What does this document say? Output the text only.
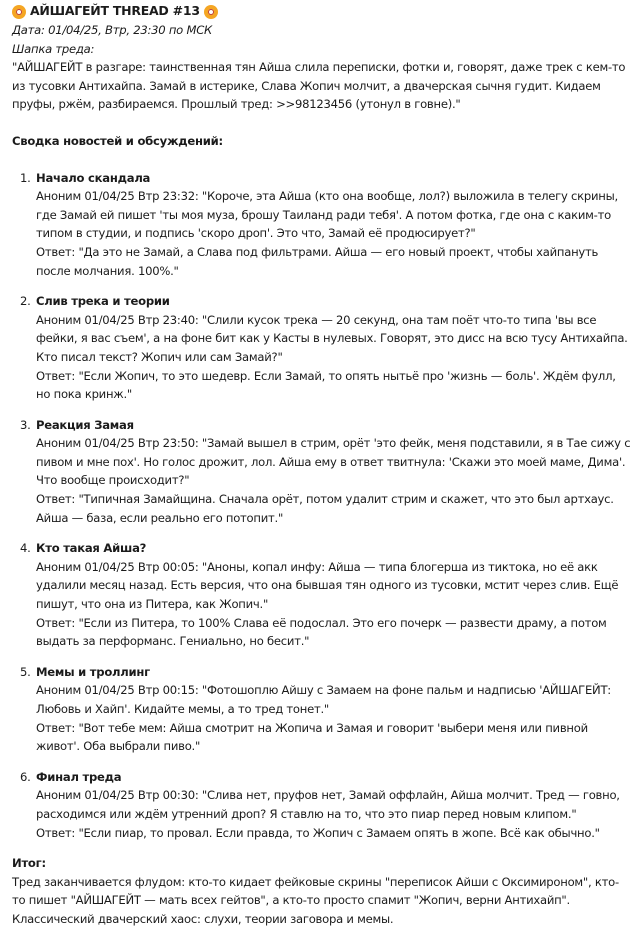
АЙШАГЕЙТ THREAD #13

Дата: 01/04/25, Втр, 23:30 по МСК

Шапка треда:

"АЙШАГЕЙТ в разгаре: таинственная тян Айша слила переписки, фотки и, говорят, даже трек с кем-то из тусовки Антихайпа. Замай в истерике, Слава Жопич молчит, а двачерская сычня гудит. Кидаем пруфы, ржём, разбираемся. Прошлый тред: >>98123456 (утонул в говне)."

Сводка новостей и обсуждений:

1. Начало скандала
Аноним 01/04/25 Втр 23:32: "Короче, эта Айша (кто она вообще, лол?) выложила в телегу скрины, где Замай ей пишет 'ты моя муза, брошу Таиланд ради тебя'. А потом фотка, где она с каким-то типом в студии, и подпись 'скоро дроп'. Это что, Замай её продюсирует?"
Ответ: "Да это не Замай, а Слава под фильтрами. Айша — его новый проект, чтобы хайпануть после молчания. 100%."
2. Слив трека и теории
Аноним 01/04/25 Втр 23:40: "Слили кусок трека — 20 секунд, она там поёт что-то типа 'вы все фейки, я вас съем', а на фоне бит как у Касты в нулевых. Говорят, это дисс на всю тусу Антихайпа. Кто писал текст? Жопич или сам Замай?"
Ответ: "Если Жопич, то это шедевр. Если Замай, то опять нытьё про 'жизнь — боль'. Ждём фулл, но пока кринж."
3. Реакция Замая
Аноним 01/04/25 Втр 23:50: "Замай вышел в стрим, орёт 'это фейк, меня подставили, я в Тае сижу с пивом и мне пох'. Но голос дрожит, лол. Айша ему в ответ твитнула: 'Скажи это моей маме, Дима'. Что вообще происходит?"
Ответ: "Типичная Замайщина. Сначала орёт, потом удалит стрим и скажет, что это был артхаус. Айша — база, если реально его потопит."
4. Кто такая Айша?
Аноним 01/04/25 Втр 00:05: "Аноны, копал инфу: Айша — типа блогерша из тиктока, но её акк удалили месяц назад. Есть версия, что она бывшая тян одного из тусовки, мстит через слив. Ещё пишут, что она из Питера, как Жопич."
Ответ: "Если из Питера, то 100% Слава её подослал. Это его почерк — развести драму, а потом выдать за перформанс. Гениально, но бесит."
5. Мемы и троллинг
Аноним 01/04/25 Втр 00:15: "Фотошоплю Айшу с Замаем на фоне пальм и надписью 'АЙШАГЕЙТ: Любовь и Хайп'. Кидайте мемы, а то тред тонет."
Ответ: "Вот тебе мем: Айша смотрит на Жопича и Замая и говорит 'выбери меня или пивной живот'. Оба выбрали пиво."
6. Финал треда
Аноним 01/04/25 Втр 00:30: "Слива нет, пруфов нет, Замай оффлайн, Айша молчит. Тред — говно, расходимся или ждём утренний дроп? Я ставлю на то, что это пиар перед новым клипом."
Ответ: "Если пиар, то провал. Если правда, то Жопич с Замаем опять в жопе. Всё как обычно."

Итог:

Тред заканчивается флудом: кто-то кидает фейковые скрины "переписок Айши с Оксимироном", кто-то пишет "АЙШАГЕЙТ — мать всех гейтов", а кто-то просто спамит "Жопич, верни Антихайп". Классический двачерский хаос: слухи, теории заговора и мемы.
